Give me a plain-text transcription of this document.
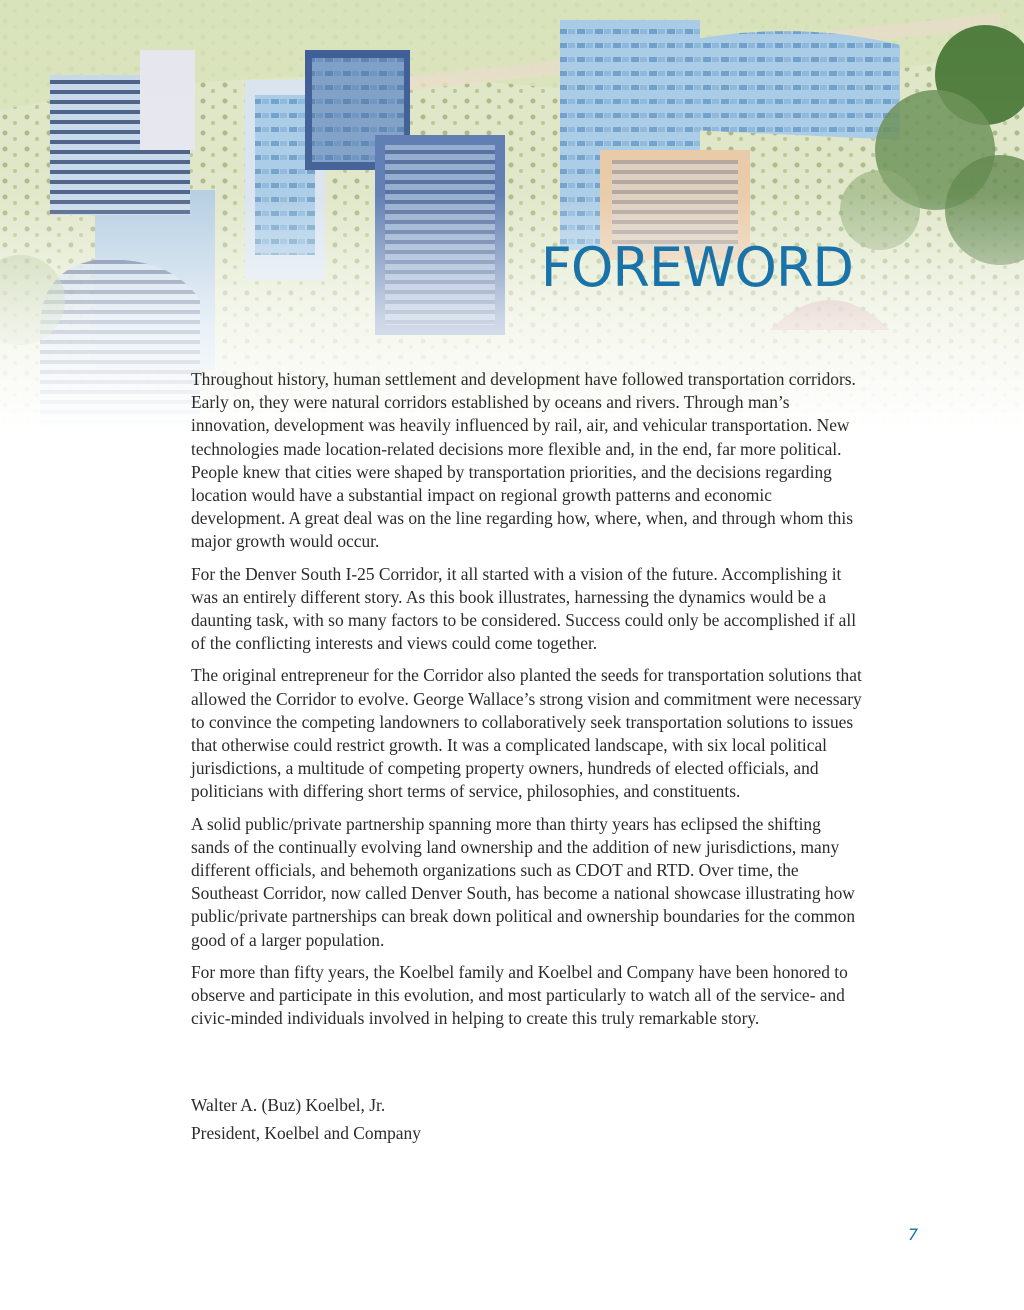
FOREWORD

Throughout history, human settlement and development have followed transportation corridors. Early on, they were natural corridors established by oceans and rivers. Through man’s innovation, development was heavily influenced by rail, air, and vehicular transportation. New technologies made location-related decisions more flexible and, in the end, far more political. People knew that cities were shaped by transportation priorities, and the decisions regarding location would have a substantial impact on regional growth patterns and economic development. A great deal was on the line regarding how, where, when, and through whom this major growth would occur.

For the Denver South I-25 Corridor, it all started with a vision of the future. Accomplishing it was an entirely different story. As this book illustrates, harnessing the dynamics would be a daunting task, with so many factors to be considered. Success could only be accomplished if all of the conflicting interests and views could come together.

The original entrepreneur for the Corridor also planted the seeds for transportation solutions that allowed the Corridor to evolve. George Wallace’s strong vision and commitment were necessary to convince the competing landowners to collaboratively seek transportation solutions to issues that otherwise could restrict growth. It was a complicated landscape, with six local political jurisdictions, a multitude of competing property owners, hundreds of elected officials, and politicians with differing short terms of service, philosophies, and constituents.

A solid public/private partnership spanning more than thirty years has eclipsed the shifting sands of the continually evolving land ownership and the addition of new jurisdictions, many different officials, and behemoth organizations such as CDOT and RTD. Over time, the Southeast Corridor, now called Denver South, has become a national showcase illustrating how public/private partnerships can break down political and ownership boundaries for the common good of a larger population.

For more than fifty years, the Koelbel family and Koelbel and Company have been honored to observe and participate in this evolution, and most particularly to watch all of the service- and civic-minded individuals involved in helping to create this truly remarkable story.

Walter A. (Buz) Koelbel, Jr.
President, Koelbel and Company
7
